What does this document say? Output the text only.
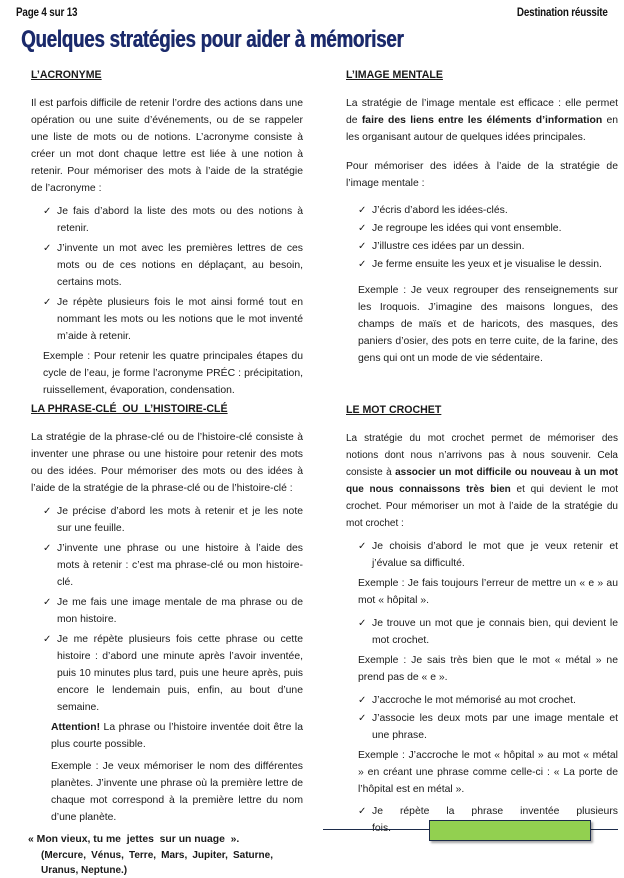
Page 4 sur 13	Destination réussite
Quelques stratégies pour aider à mémoriser
L’ACRONYME

Il est parfois difficile de retenir l’ordre des actions dans une opération ou une suite d’événements, ou de se rappeler une liste de mots ou de notions. L’acronyme consiste à créer un mot dont chaque lettre est liée à une notion à retenir. Pour mémoriser des mots à l’aide de la stratégie de l’acronyme :

✓ Je fais d’abord la liste des mots ou des notions à retenir.
✓ J’invente un mot avec les premières lettres de ces mots ou de ces notions en déplaçant, au besoin, certains mots.
✓ Je répète plusieurs fois le mot ainsi formé tout en nommant les mots ou les notions que le mot inventé m’aide à retenir.

Exemple : Pour retenir les quatre principales étapes du cycle de l’eau, je forme l’acronyme PRÉC : précipitation, ruissellement, évaporation, condensation.

LA PHRASE-CLÉ  OU  L’HISTOIRE-CLÉ

La stratégie de la phrase-clé ou de l’histoire-clé consiste à inventer une phrase ou une histoire pour retenir des mots ou des idées. Pour mémoriser des mots ou des idées à l’aide de la stratégie de la phrase-clé ou de l’histoire-clé :

✓ Je précise d’abord les mots à retenir et je les note sur une feuille.
✓ J’invente une phrase ou une histoire à l’aide des mots à retenir : c’est ma phrase-clé ou mon histoire-clé.
✓ Je me fais une image mentale de ma phrase ou de mon histoire.
✓ Je me répète plusieurs fois cette phrase ou cette histoire : d’abord une minute après l’avoir inventée, puis 10 minutes plus tard, puis une heure après, puis encore le lendemain puis, enfin, au bout d’une semaine.

Attention! La phrase ou l’histoire inventée doit être la plus courte possible.

Exemple : Je veux mémoriser le nom des différentes planètes. J’invente une phrase où la première lettre de chaque mot correspond à la première lettre du nom d’une planète.

« Mon vieux, tu me  jettes  sur un nuage  ».

(Mercure, Vénus, Terre, Mars, Jupiter, Saturne, Uranus, Neptune.)

L’IMAGE MENTALE

La stratégie de l’image mentale est efficace : elle permet de faire des liens entre les éléments d’information en les organisant autour de quelques idées principales.

Pour mémoriser des idées à l’aide de la stratégie de l’image mentale :

✓ J’écris d’abord les idées-clés.
✓ Je regroupe les idées qui vont ensemble.
✓ J’illustre ces idées par un dessin.
✓ Je ferme ensuite les yeux et je visualise le dessin.

Exemple : Je veux regrouper des renseignements sur les Iroquois. J’imagine des maisons longues, des champs de maïs et de haricots, des masques, des paniers d’osier, des pots en terre cuite, de la farine, des gens qui ont un mode de vie sédentaire.

LE MOT CROCHET

La stratégie du mot crochet permet de mémoriser des notions dont nous n’arrivons pas à nous souvenir. Cela consiste à associer un mot difficile ou nouveau à un mot que nous connaissons très bien et qui devient le mot crochet. Pour mémoriser un mot à l’aide de la stratégie du mot crochet :

✓ Je choisis d’abord le mot que je veux retenir et j’évalue sa difficulté.

Exemple : Je fais toujours l’erreur de mettre un « e » au mot « hôpital ».

✓ Je trouve un mot que je connais bien, qui devient le mot crochet.

Exemple : Je sais très bien que le mot « métal » ne prend pas de « e ».

✓ J’accroche le mot mémorisé au mot crochet.
✓ J’associe les deux mots par une image mentale et une phrase.

Exemple : J’accroche le mot « hôpital » au mot « métal » en créant une phrase comme celle-ci : « La porte de l’hôpital est en métal ».

✓ Je répète la phrase inventée plusieurs
